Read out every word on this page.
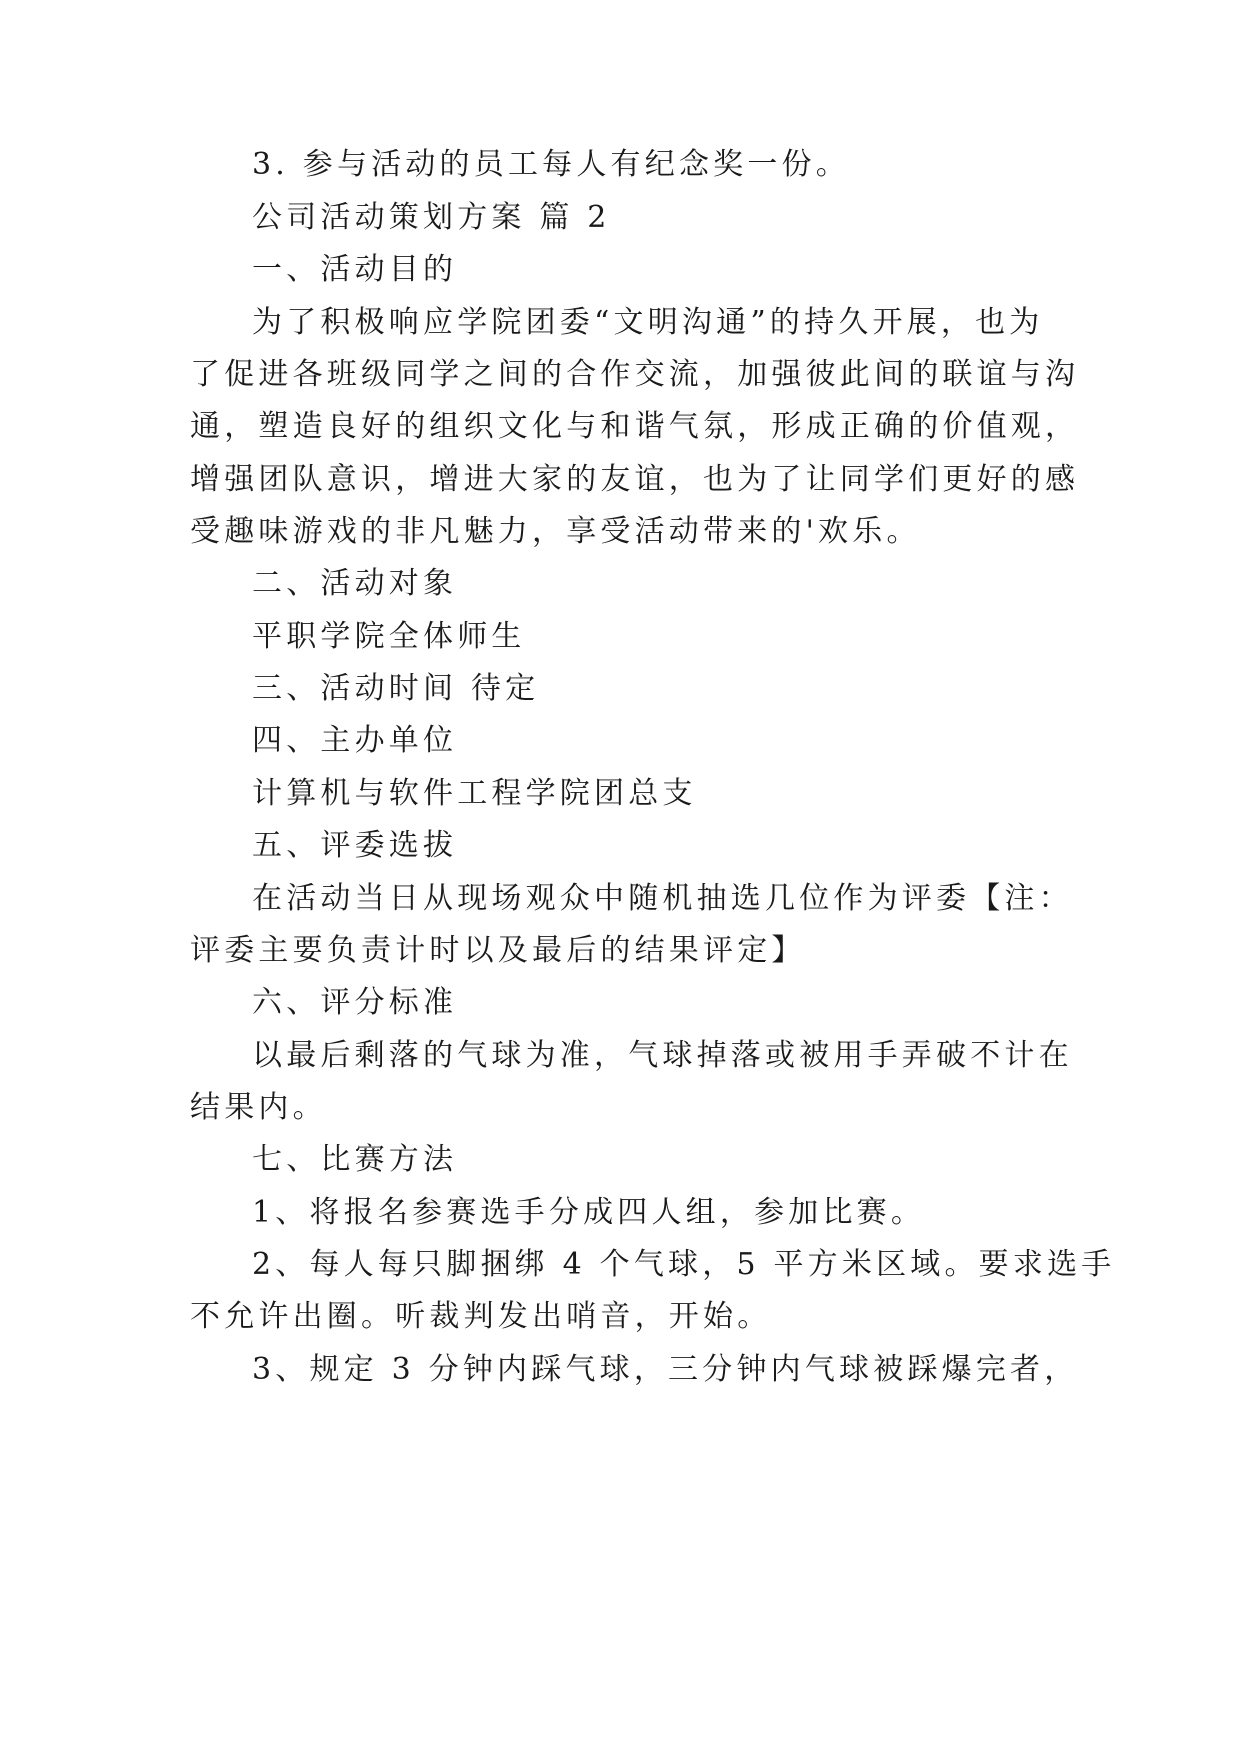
3. 参与活动的员工每人有纪念奖一份。
公司活动策划方案 篇 2
一、活动目的
为了积极响应学院团委“文明沟通”的持久开展，也为
了促进各班级同学之间的合作交流，加强彼此间的联谊与沟
通，塑造良好的组织文化与和谐气氛，形成正确的价值观，
增强团队意识，增进大家的友谊，也为了让同学们更好的感
受趣味游戏的非凡魅力，享受活动带来的'欢乐。
二、活动对象
平职学院全体师生
三、活动时间 待定
四、主办单位
计算机与软件工程学院团总支
五、评委选拔
在活动当日从现场观众中随机抽选几位作为评委【注：
评委主要负责计时以及最后的结果评定】
六、评分标准
以最后剩落的气球为准，气球掉落或被用手弄破不计在
结果内。
七、比赛方法
1、将报名参赛选手分成四人组，参加比赛。
2、每人每只脚捆绑 4 个气球，5 平方米区域。要求选手
不允许出圈。听裁判发出哨音，开始。
3、规定 3 分钟内踩气球，三分钟内气球被踩爆完者，
